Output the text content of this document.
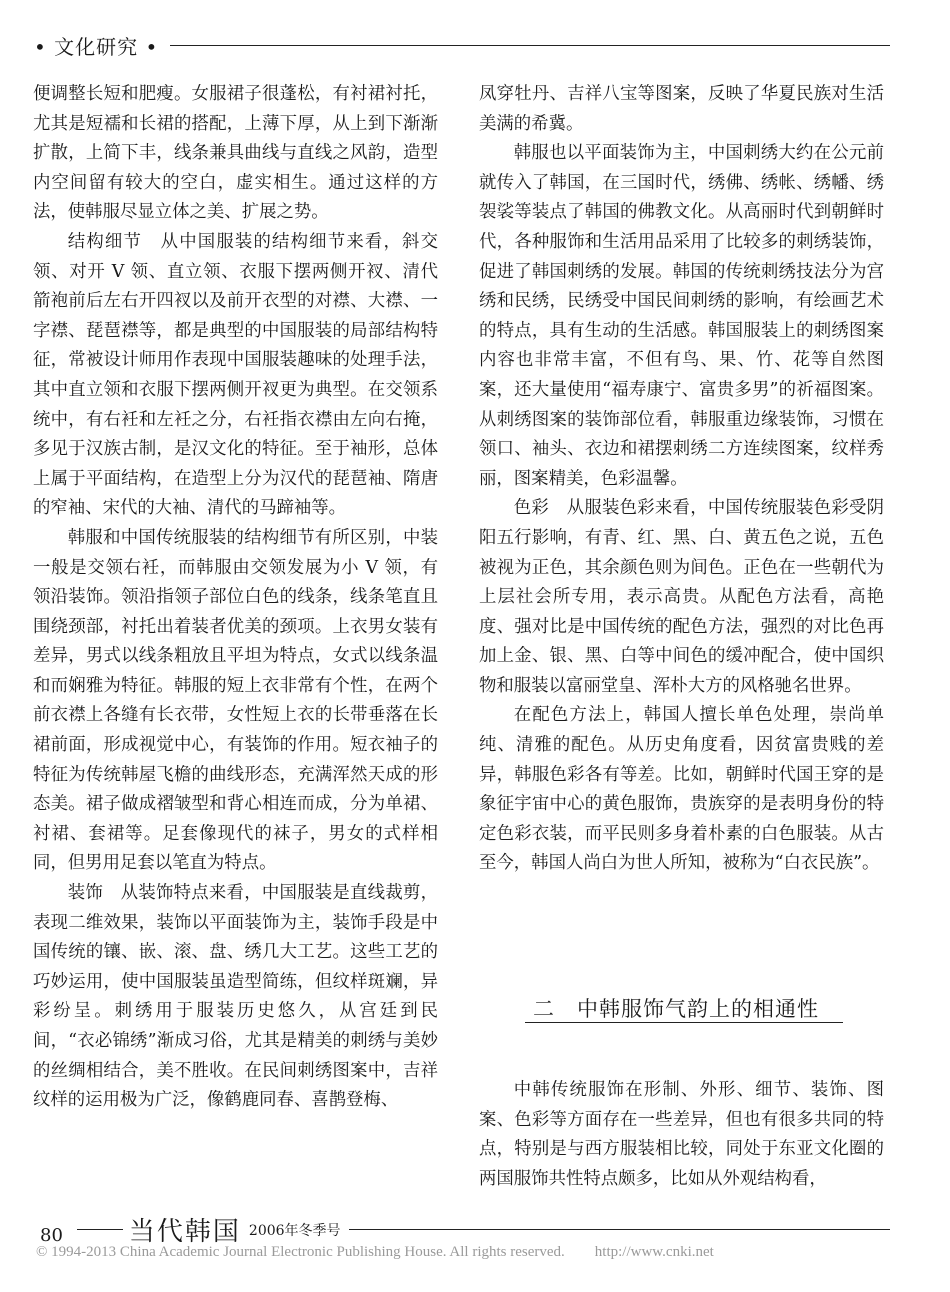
• 文化研究 •

便调整长短和肥瘦。女服裙子很蓬松，有衬裙衬托，尤其是短襦和长裙的搭配，上薄下厚，从上到下渐渐扩散，上简下丰，线条兼具曲线与直线之风韵，造型内空间留有较大的空白，虚实相生。通过这样的方法，使韩服尽显立体之美、扩展之势。

结构细节　从中国服装的结构细节来看，斜交领、对开 V 领、直立领、衣服下摆两侧开衩、清代箭袍前后左右开四衩以及前开衣型的对襟、大襟、一字襟、琵琶襟等，都是典型的中国服装的局部结构特征，常被设计师用作表现中国服装趣味的处理手法，其中直立领和衣服下摆两侧开衩更为典型。在交领系统中，有右衽和左衽之分，右衽指衣襟由左向右掩，多见于汉族古制，是汉文化的特征。至于袖形，总体上属于平面结构，在造型上分为汉代的琵琶袖、隋唐的窄袖、宋代的大袖、清代的马蹄袖等。

韩服和中国传统服装的结构细节有所区别，中装一般是交领右衽，而韩服由交领发展为小 V 领，有领沿装饰。领沿指领子部位白色的线条，线条笔直且围绕颈部，衬托出着装者优美的颈项。上衣男女装有差异，男式以线条粗放且平坦为特点，女式以线条温和而娴雅为特征。韩服的短上衣非常有个性，在两个前衣襟上各缝有长衣带，女性短上衣的长带垂落在长裙前面，形成视觉中心，有装饰的作用。短衣袖子的特征为传统韩屋飞檐的曲线形态，充满浑然天成的形态美。裙子做成褶皱型和背心相连而成，分为单裙、衬裙、套裙等。足套像现代的袜子，男女的式样相同，但男用足套以笔直为特点。

装饰　从装饰特点来看，中国服装是直线裁剪，表现二维效果，装饰以平面装饰为主，装饰手段是中国传统的镶、嵌、滚、盘、绣几大工艺。这些工艺的巧妙运用，使中国服装虽造型简练，但纹样斑斓，异彩纷呈。刺绣用于服装历史悠久，从宫廷到民间，“衣必锦绣”渐成习俗，尤其是精美的刺绣与美妙的丝绸相结合，美不胜收。在民间刺绣图案中，吉祥纹样的运用极为广泛，像鹤鹿同春、喜鹊登梅、

凤穿牡丹、吉祥八宝等图案，反映了华夏民族对生活美满的希冀。

韩服也以平面装饰为主，中国刺绣大约在公元前就传入了韩国，在三国时代，绣佛、绣帐、绣幡、绣袈裟等装点了韩国的佛教文化。从高丽时代到朝鲜时代，各种服饰和生活用品采用了比较多的刺绣装饰，促进了韩国刺绣的发展。韩国的传统刺绣技法分为宫绣和民绣，民绣受中国民间刺绣的影响，有绘画艺术的特点，具有生动的生活感。韩国服装上的刺绣图案内容也非常丰富，不但有鸟、果、竹、花等自然图案，还大量使用“福寿康宁、富贵多男”的祈福图案。从刺绣图案的装饰部位看，韩服重边缘装饰，习惯在领口、袖头、衣边和裙摆刺绣二方连续图案，纹样秀丽，图案精美，色彩温馨。

色彩　从服装色彩来看，中国传统服装色彩受阴阳五行影响，有青、红、黑、白、黄五色之说，五色被视为正色，其余颜色则为间色。正色在一些朝代为上层社会所专用，表示高贵。从配色方法看，高艳度、强对比是中国传统的配色方法，强烈的对比色再加上金、银、黑、白等中间色的缓冲配合，使中国织物和服装以富丽堂皇、浑朴大方的风格驰名世界。

在配色方法上，韩国人擅长单色处理，崇尚单纯、清雅的配色。从历史角度看，因贫富贵贱的差异，韩服色彩各有等差。比如，朝鲜时代国王穿的是象征宇宙中心的黄色服饰，贵族穿的是表明身份的特定色彩衣装，而平民则多身着朴素的白色服装。从古至今，韩国人尚白为世人所知，被称为“白衣民族”。

二　中韩服饰气韵上的相通性

中韩传统服饰在形制、外形、细节、装饰、图案、色彩等方面存在一些差异，但也有很多共同的特点，特别是与西方服装相比较，同处于东亚文化圈的两国服饰共性特点颇多，比如从外观结构看，

80	当代韩国 2006年冬季号
© 1994-2013 China Academic Journal Electronic Publishing House. All rights reserved.　　http://www.cnki.net
